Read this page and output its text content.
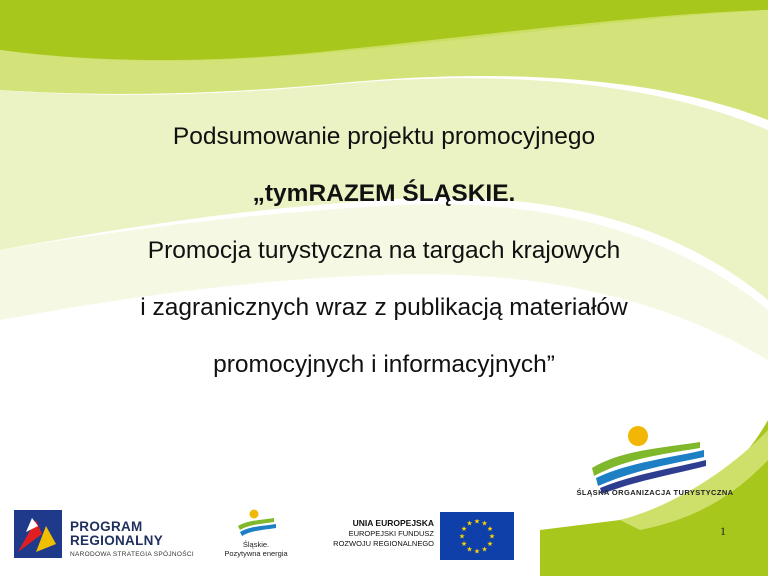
Podsumowanie projektu promocyjnego
„tymRAZEM ŚLĄSKIE.
Promocja turystyczna na targach krajowych
i zagranicznych wraz z publikacją materiałów
promocyjnych i informacyjnych”
ŚLĄSKA ORGANIZACJA TURYSTYCZNA
PROGRAM
REGIONALNY
NARODOWA STRATEGIA SPÓJNOŚCI
Śląskie.
Pozytywna energia
UNIA EUROPEJSKA
EUROPEJSKI FUNDUSZ
ROZWOJU REGIONALNEGO
★ ★
★
★
★
★
★
★
★
★
★
★	1
